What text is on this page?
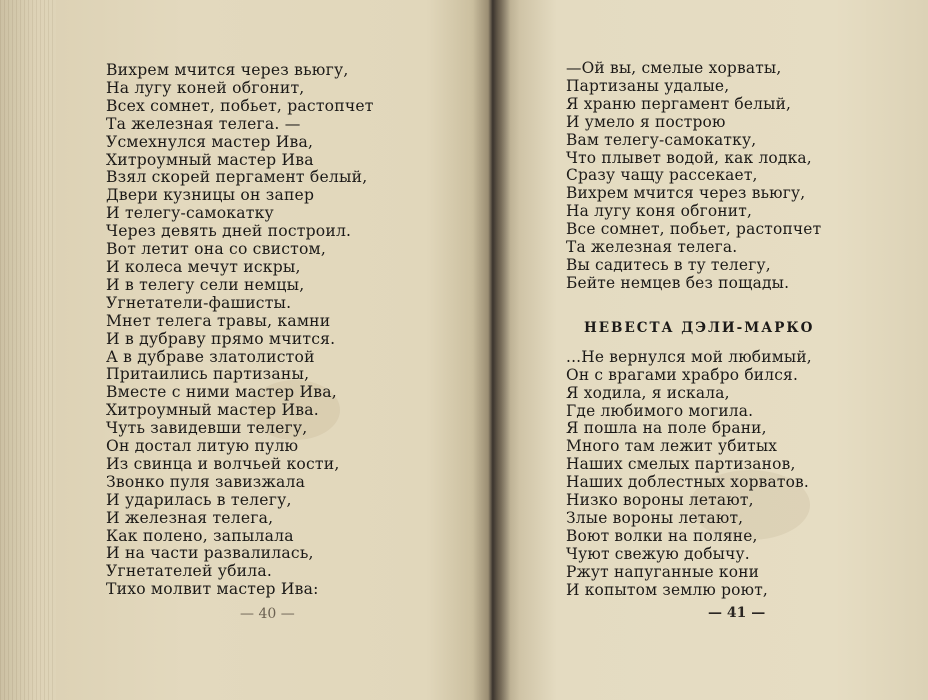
Вихрем мчится через вьюгу,
На лугу коней обгонит,
Всех сомнет, побьет, растопчет
Та железная телега. —
Усмехнулся мастер Ива,
Хитроумный мастер Ива
Взял скорей пергамент белый,
Двери кузницы он запер
И телегу-самокатку
Через девять дней построил.
Вот летит она со свистом,
И колеса мечут искры,
И в телегу сели немцы,
Угнетатели-фашисты.
Мнет телега травы, камни
И в дубраву прямо мчится.
А в дубраве златолистой
Притаились партизаны,
Вместе с ними мастер Ива,
Хитроумный мастер Ива.
Чуть завидевши телегу,
Он достал литую пулю
Из свинца и волчьей кости,
Звонко пуля завизжала
И ударилась в телегу,
И железная телега,
Как полено, запылала
И на части развалилась,
Угнетателей убила.
Тихо молвит мастер Ива:
— 40 —
—Ой вы, смелые хорваты,
Партизаны удалые,
Я храню пергамент белый,
И умело я построю
Вам телегу-самокатку,
Что плывет водой, как лодка,
Сразу чащу рассекает,
Вихрем мчится через вьюгу,
На лугу коня обгонит,
Все сомнет, побьет, растопчет
Та железная телега.
Вы садитесь в ту телегу,
Бейте немцев без пощады.
НЕВЕСТА ДЭЛИ-МАРКО
...Не вернулся мой любимый,
Он с врагами храбро бился.
Я ходила, я искала,
Где любимого могила.
Я пошла на поле брани,
Много там лежит убитых
Наших смелых партизанов,
Наших доблестных хорватов.
Низко вороны летают,
Злые вороны летают,
Воют волки на поляне,
Чуют свежую добычу.
Ржут напуганные кони
И копытом землю роют,
— 41 —
